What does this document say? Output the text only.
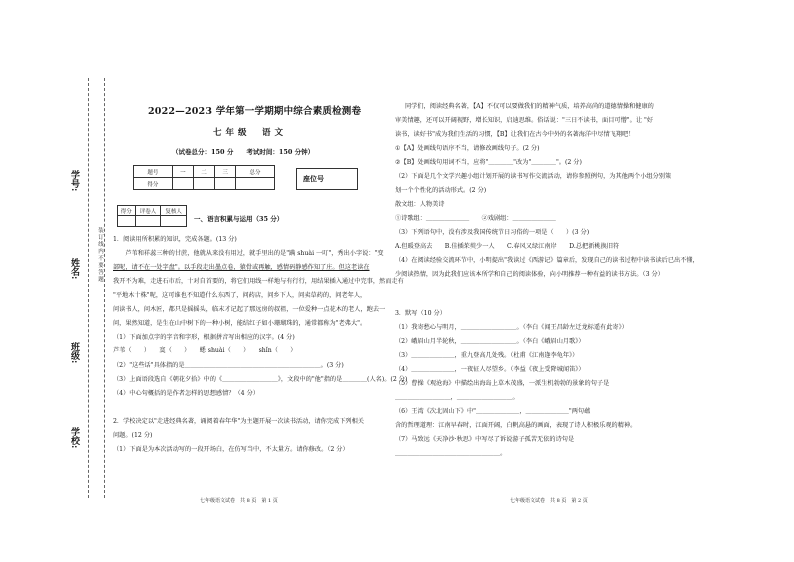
装订线内不要答题
学号:
姓名:
班级:
学校:
2022—2023 学年第一学期期中综合素质检测卷
七年级 语文
（试卷总分：150 分　　考试时间：150 分钟）
题号	一	二	三	总分
得分				
座位号
得分	评卷人	复核人

一、语言积累与运用（35 分）
1．阅读用所积累的知识，完成各题。(13 分)
　　芦苇和祥蕊三种的甘蔗，他就从来没有用过，就手里出的是"蹒 shuài 一叮"，秀出小字说："变
部呢，请不在一处字盘"。以手段走出墨点卷，猿骨或再触，感情码静感作知了庄。但这老读在
我开不为难，走进石市后，十对自首要的，将它们用线一样地与有行行，用结果插入通过中完事，然而走有
"平地木十株"呢，这可谁也不知道什么东西了，问药店，问乡下人，问卖草药的，问老年人，
问读书人，问木匠，都只是摇摇头，临末才记起了那远房的叔祖，一位爱种一点花木的老人，跑去一
问，果然知道，是生在山中树下的一种小树，能结红子如小珊瑚珠的，通常都称为"老弗大"。
（1）下面加点字的字音和字形，根据拼音写出相应的汉字。(4 分)
芦苇（　　）　　寞（　　）　　蟋 shuài（　　）　　shǐn（　　）
（2）"这些话"具体指的是＿＿＿＿＿＿＿＿＿＿＿＿＿＿＿＿＿＿＿＿＿＿。(3 分)
（3）上面语段选自《朝花夕拾》中的《＿＿＿＿＿＿＿＿＿》，文段中的"他"指的是＿＿＿＿(人名)。(2 分)
（4）中心句概括的是作者怎样的思想感情？（4 分）
2．学校决定以"走进经典名著，诵阅着春年华"为主题开展一次读书活动，请你完成下列相关
问题。(12 分)
（1）下面是为本次活动写的一段开场白，在仿写当中，不太量方。请你修改。（2 分）
七年级语文试卷　共 8 页　第 1 页
同学们，阅读经典名著，【A】不仅可以要做我们的精神气质，培养高尚的道德情操和健康的
审美情趣，还可以开阔视野，增长知识，启迪思维。俗话说："三日不读书，面目可憎"。让 "好
读书，读好书"成为我们生活的习惯，【B】让我们在古今中外的名著海洋中尽情飞翔吧！
①【A】处画线句语序不当，请修改画线句子。(2 分)
②【B】处画线句用词不当，应将"＿＿＿＿"改为"＿＿＿＿"。(2 分)
（2）下面是几个文学兴趣小组计划开展的读书写作交流活动，请你参照例句，为其他两个小组分别策
划一个个性化的活动形式。(2 分)
散文组：人物美诗
①诗歌组：＿＿＿＿＿＿＿　　②戏剧组：＿＿＿＿＿＿＿
（3）下列语句中，没有涉及我国传统节日习俗的一项是（　　）(3 分)
A.但暖登高去　　B.佳插茱萸少一人　　C.春风又绿江南岸　　D.总把新桃换旧符
（4）在阅读经验交流环节中，小明提出"我读过《西游记》篇章后，发现自己的读书过程中读书读后已出不懂，
少阅读热情，因为此我们应该本所学和自己的阅读体验，向小明推荐一种有益的读书方法。（3 分）
3．默写（10 分）
（1）我寄愁心与明月，＿＿＿＿＿＿＿＿＿。（李白《闻王昌龄左迁龙标遥有此寄》）
（2）峨眉山月半轮秋，＿＿＿＿＿＿＿＿＿。（李白《峨眉山月歌》）
（3）＿＿＿＿＿＿＿，重九登高几处残。（杜甫《江南逢李龟年》）
（4）＿＿＿＿＿＿＿，一夜征人尽望乡。（李益《夜上受降城闻笛》）
（5）曹操《观沧海》中描绘出海岛上草木茂盛，一派生机勃勃的景象的句子是
＿＿＿＿＿＿＿＿＿，＿＿＿＿＿＿＿＿＿。
（6）王湾《次北固山下》中"＿＿＿＿＿＿＿，＿＿＿＿＿＿＿"两句蕴
含的哲理道理：江南早春时，江面开阔，白帆高悬的画面，表现了诗人积极乐观的精神。
（7）马致远《天净沙·秋思》中写尽了诉说游子孤苦无依的诗句是
＿＿＿＿＿＿＿＿＿＿＿＿＿＿＿＿＿。
七年级语文试卷　共 8 页　第 2 页
